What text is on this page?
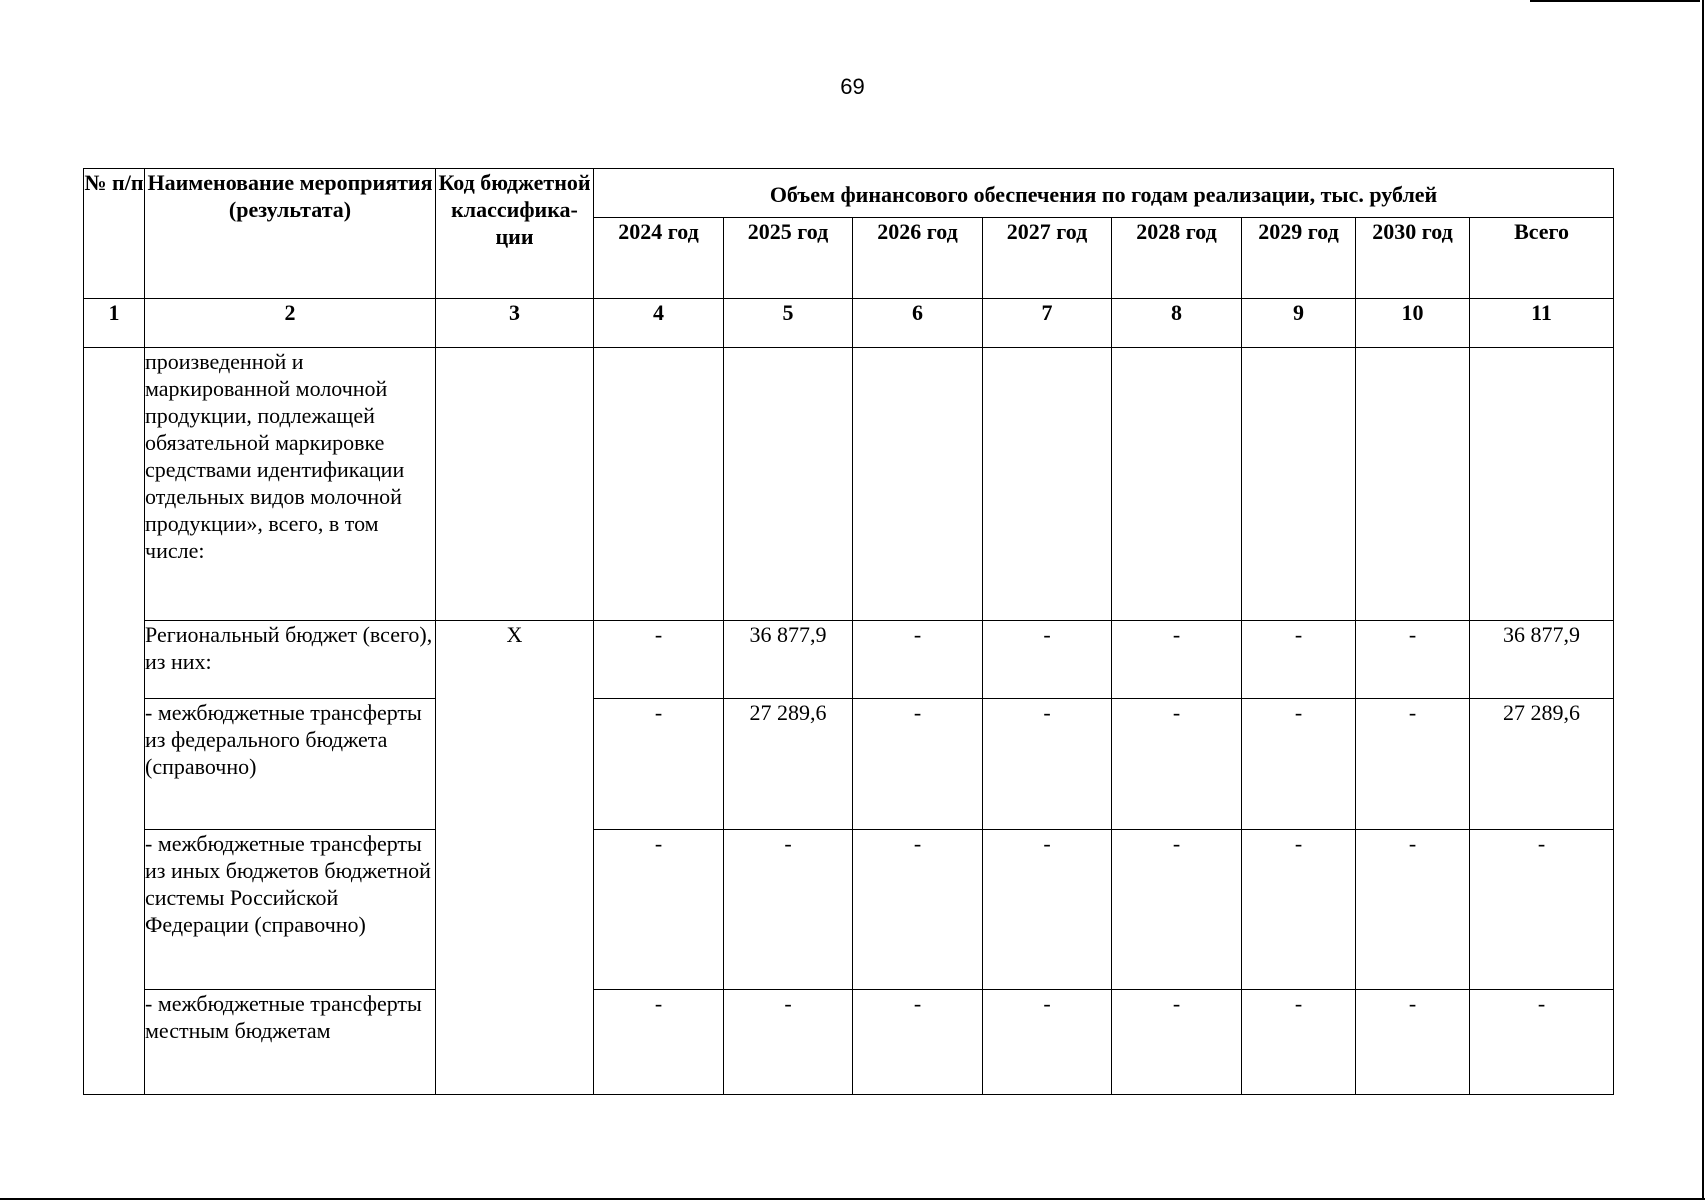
69
№ п/п	Наименование мероприятия (результата)	Код бюджетной классифика-ции	Объем финансового обеспечения по годам реализации, тыс. рублей							
			2024 год	2025 год	2026 год	2027 год	2028 год	2029 год	2030 год	Всего
1	2	3	4	5	6	7	8	9	10	11
	произведенной и маркированной молочной продукции, подлежащей обязательной маркировке средствами идентификации отдельных видов молочной продукции», всего, в том числе:									
	Региональный бюджет (всего), из них:	Х	-	36 877,9	-	-	-	-	-	36 877,9
	- межбюджетные трансферты из федерального бюджета (справочно)		-	27 289,6	-	-	-	-	-	27 289,6
	- межбюджетные трансферты из иных бюджетов бюджетной системы Российской Федерации (справочно)		-	-	-	-	-	-	-	-
	- межбюджетные трансферты местным бюджетам		-	-	-	-	-	-	-	-
